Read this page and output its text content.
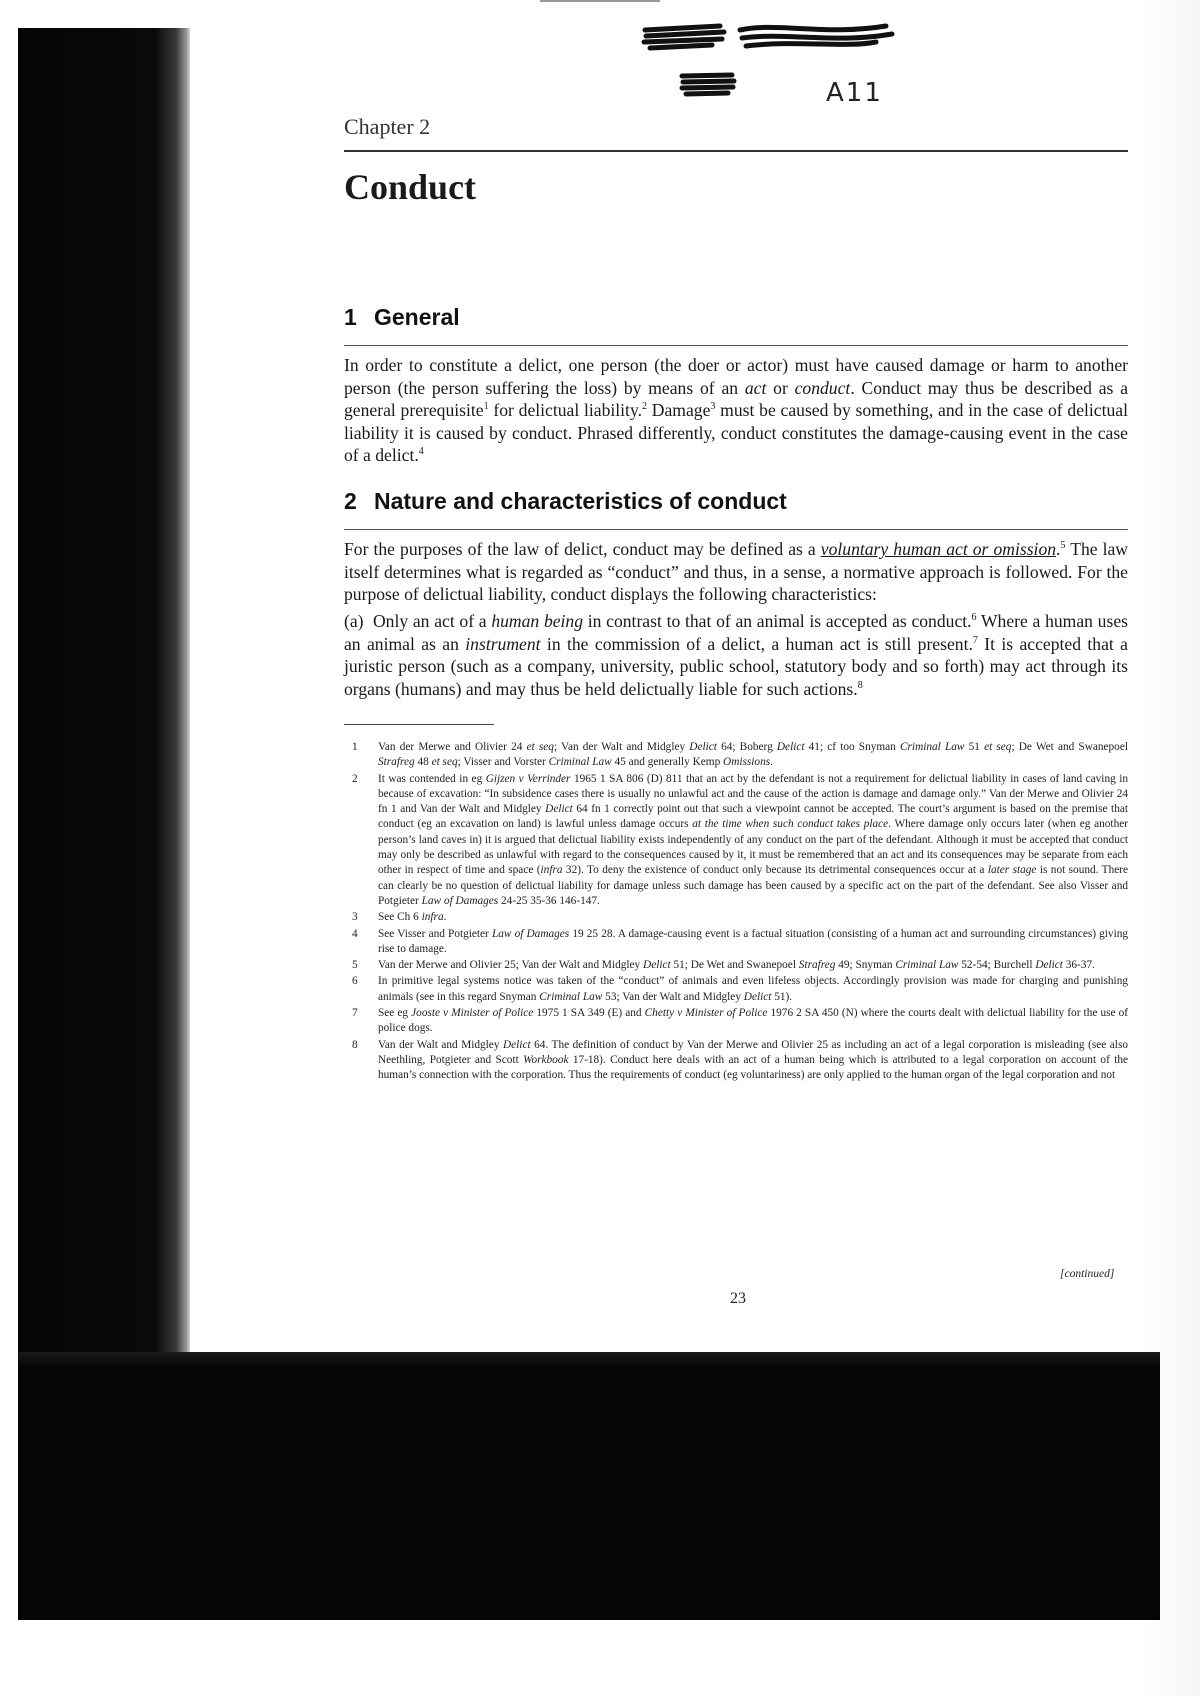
A11
Chapter 2
Conduct
1 General

In order to constitute a delict, one person (the doer or actor) must have caused damage or harm to another person (the person suffering the loss) by means of an act or conduct. Conduct may thus be described as a general prerequisite$^1$ for delictual liability.$^2$ Damage$^3$ must be caused by something, and in the case of delictual liability it is caused by conduct. Phrased differently, conduct constitutes the damage-causing event in the case of a delict.$^4$

2 Nature and characteristics of conduct

For the purposes of the law of delict, conduct may be defined as a voluntary human act or omission.$^5$ The law itself determines what is regarded as “conduct” and thus, in a sense, a normative approach is followed. For the purpose of delictual liability, conduct displays the following characteristics:

(a)  Only an act of a human being in contrast to that of an animal is accepted as conduct.$^6$ Where a human uses an animal as an instrument in the commission of a delict, a human act is still present.$^7$ It is accepted that a juristic person (such as a company, university, public school, statutory body and so forth) may act through its organs (humans) and may thus be held delictually liable for such actions.$^8$

1	Van der Merwe and Olivier 24 et seq; Van der Walt and Midgley Delict 64; Boberg Delict 41; cf too Snyman Criminal Law 51 et seq; De Wet and Swanepoel Strafreg 48 et seq; Visser and Vorster Criminal Law 45 and generally Kemp Omissions.
2	It was contended in eg Gijzen v Verrinder 1965 1 SA 806 (D) 811 that an act by the defendant is not a requirement for delictual liability in cases of land caving in because of excavation: “In subsidence cases there is usually no unlawful act and the cause of the action is damage and damage only.” Van der Merwe and Olivier 24 fn 1 and Van der Walt and Midgley Delict 64 fn 1 correctly point out that such a viewpoint cannot be accepted. The court’s argument is based on the premise that conduct (eg an excavation on land) is lawful unless damage occurs at the time when such conduct takes place. Where damage only occurs later (when eg another person’s land caves in) it is argued that delictual liability exists independently of any conduct on the part of the defendant. Although it must be accepted that conduct may only be described as unlawful with regard to the consequences caused by it, it must be remembered that an act and its consequences may be separate from each other in respect of time and space (infra 32). To deny the existence of conduct only because its detrimental consequences occur at a later stage is not sound. There can clearly be no question of delictual liability for damage unless such damage has been caused by a specific act on the part of the defendant. See also Visser and Potgieter Law of Damages 24-25 35-36 146-147.
3	See Ch 6 infra.
4	See Visser and Potgieter Law of Damages 19 25 28. A damage-causing event is a factual situation (consisting of a human act and surrounding circumstances) giving rise to damage.
5	Van der Merwe and Olivier 25; Van der Walt and Midgley Delict 51; De Wet and Swanepoel Strafreg 49; Snyman Criminal Law 52-54; Burchell Delict 36-37.
6	In primitive legal systems notice was taken of the “conduct” of animals and even lifeless objects. Accordingly provision was made for charging and punishing animals (see in this regard Snyman Criminal Law 53; Van der Walt and Midgley Delict 51).
7	See eg Jooste v Minister of Police 1975 1 SA 349 (E) and Chetty v Minister of Police 1976 2 SA 450 (N) where the courts dealt with delictual liability for the use of police dogs.
8	Van der Walt and Midgley Delict 64. The definition of conduct by Van der Merwe and Olivier 25 as including an act of a legal corporation is misleading (see also Neethling, Potgieter and Scott Workbook 17-18). Conduct here deals with an act of a human being which is attributed to a legal corporation on account of the human’s connection with the corporation. Thus the requirements of conduct (eg voluntariness) are only applied to the human organ of the legal corporation and not
[continued]
23
